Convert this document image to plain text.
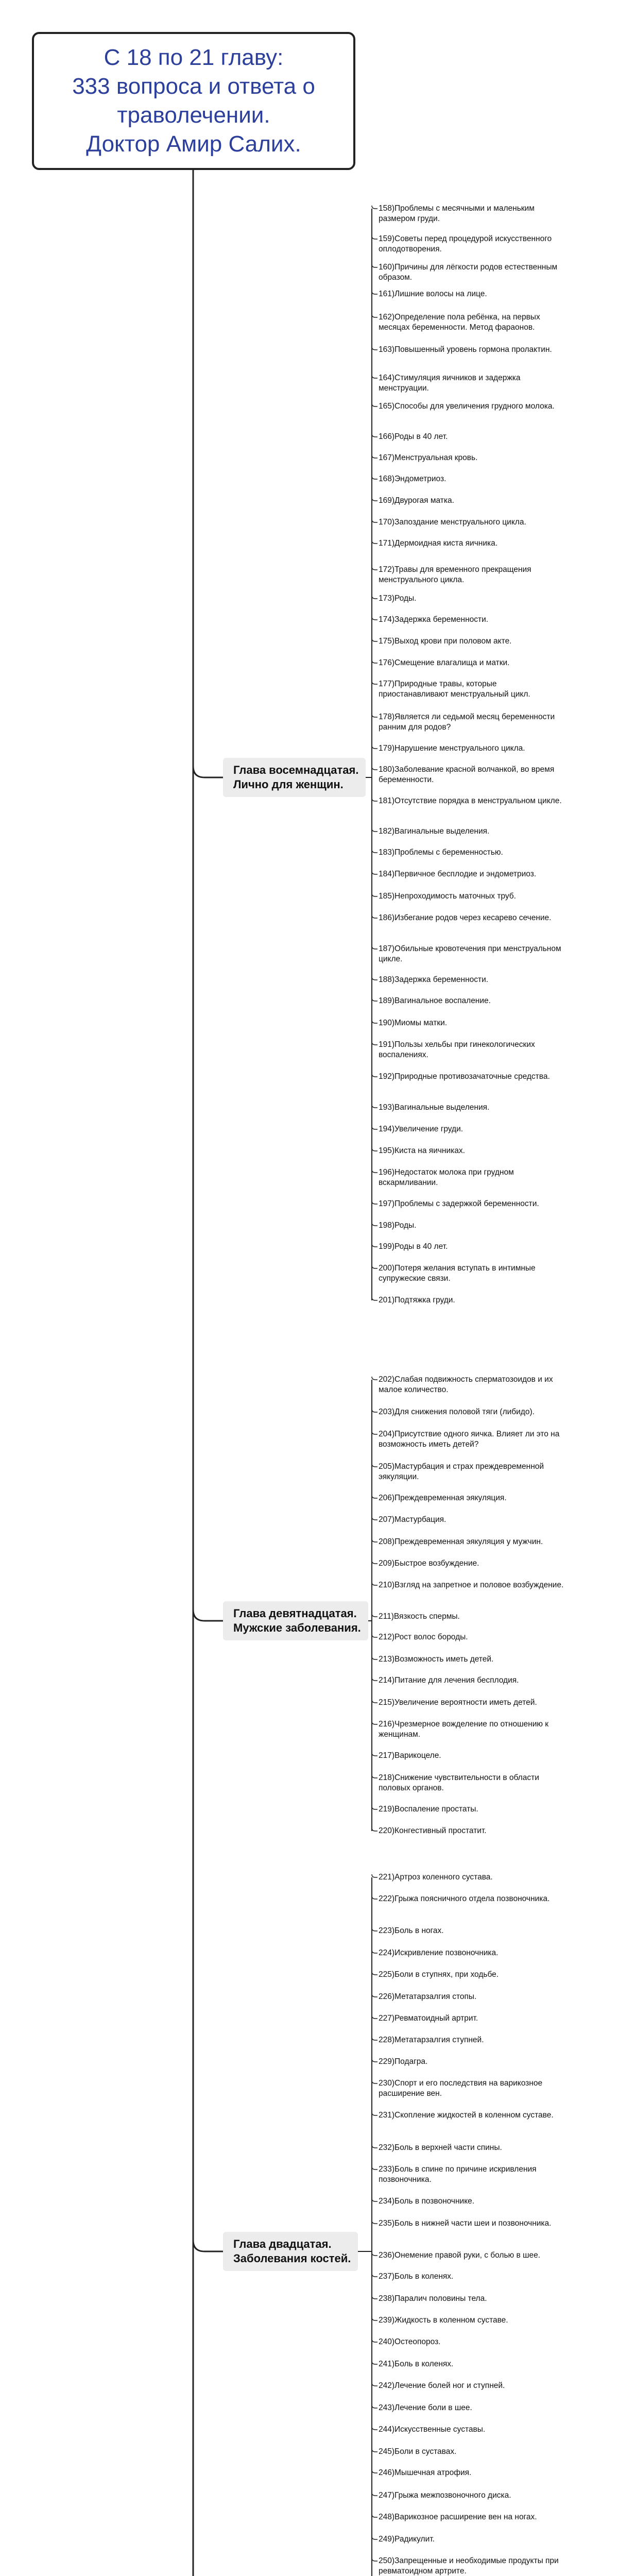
С 18 по 21 главу:
333 вопроса и ответа о
траволечении.
Доктор Амир Салих.
Глава восемнадцатая.
Лично для женщин.
158)Проблемы с месячными и маленьким размером груди.
159)Советы перед процедурой искусственного оплодотворения.
160)Причины для лёгкости родов естественным образом.
161)Лишние волосы на лице.
162)Определение пола ребёнка, на первых месяцах беременности. Метод фараонов.
163)Повышенный уровень гормона пролактин.
164)Стимуляция яичников и задержка менструации.
165)Способы для увеличения грудного молока.
166)Роды в 40 лет.
167)Менструальная кровь.
168)Эндометриоз.
169)Двурогая матка.
170)Запоздание менструального цикла.
171)Дермоидная киста яичника.
172)Травы для временного прекращения менструального цикла.
173)Роды.
174)Задержка беременности.
175)Выход крови при половом акте.
176)Смещение влагалища и матки.
177)Природные травы, которые приостанавливают менструальный цикл.
178)Является ли седьмой месяц беременности ранним для родов?
179)Нарушение менструального цикла.
180)Заболевание красной волчанкой, во время беременности.
181)Отсутствие порядка в менструальном цикле.
182)Вагинальные выделения.
183)Проблемы с беременностью.
184)Первичное бесплодие и эндометриоз.
185)Непроходимость маточных труб.
186)Избегание родов через кесарево сечение.
187)Обильные кровотечения при менструальном цикле.
188)Задержка беременности.
189)Вагинальное воспаление.
190)Миомы матки.
191)Пользы хельбы при гинекологических воспалениях.
192)Природные противозачаточные средства.
193)Вагинальные выделения.
194)Увеличение груди.
195)Киста на яичниках.
196)Недостаток молока при грудном вскармливании.
197)Проблемы с задержкой беременности.
198)Роды.
199)Роды в 40 лет.
200)Потеря желания вступать в интимные супружеские связи.
201)Подтяжка груди.
Глава девятнадцатая.
Мужские заболевания.
202)Слабая подвижность сперматозоидов и их малое количество.
203)Для снижения половой тяги (либидо).
204)Присутствие одного яичка. Влияет ли это на возможность иметь детей?
205)Мастурбация и страх преждевременной эякуляции.
206)Преждевременная эякуляция.
207)Мастурбация.
208)Преждевременная эякуляция у мужчин.
209)Быстрое возбуждение.
210)Взгляд на запретное и половое возбуждение.
211)Вязкость спермы.
212)Рост волос бороды.
213)Возможность иметь детей.
214)Питание для лечения бесплодия.
215)Увеличение вероятности иметь детей.
216)Чрезмерное вожделение по отношению к женщинам.
217)Варикоцеле.
218)Снижение чувствительности в области половых органов.
219)Воспаление простаты.
220)Конгестивный простатит.
Глава двадцатая.
Заболевания костей.
221)Артроз коленного сустава.
222)Грыжа поясничного отдела позвоночника.
223)Боль в ногах.
224)Искривление позвоночника.
225)Боли в ступнях, при ходьбе.
226)Метатарзалгия стопы.
227)Ревматоидный артрит.
228)Метатарзалгия ступней.
229)Подагра.
230)Спорт и его последствия на варикозное расширение вен.
231)Скопление жидкостей в коленном суставе.
232)Боль в верхней части спины.
233)Боль в спине по причине искривления позвоночника.
234)Боль в позвоночнике.
235)Боль в нижней части шеи и позвоночника.
236)Онемение правой руки, с болью в шее.
237)Боль в коленях.
238)Паралич половины тела.
239)Жидкость в коленном суставе.
240)Остеопороз.
241)Боль в коленях.
242)Лечение болей ног и ступней.
243)Лечение боли в шее.
244)Искусственные суставы.
245)Боли в суставах.
246)Мышечная атрофия.
247)Грыжа межпозвоночного диска.
248)Варикозное расширение вен на ногах.
249)Радикулит.
250)Запрещенные и необходимые продукты при ревматоидном артрите.
